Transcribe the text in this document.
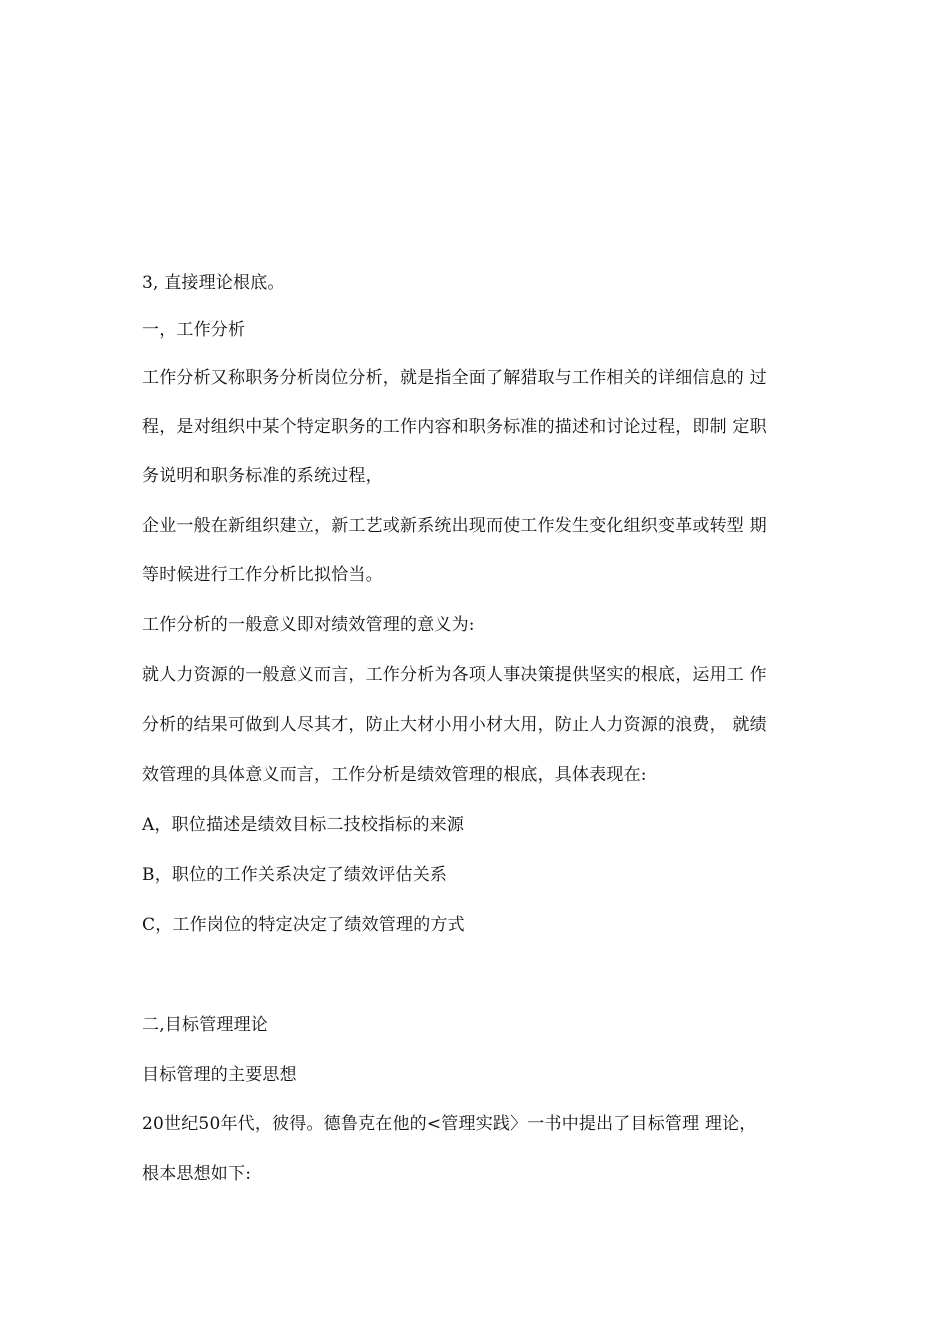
3, 直接理论根底。
一，工作分析
工作分析又称职务分析岗位分析，就是指全面了解猎取与工作相关的详细信息的 过
程，是对组织中某个特定职务的工作内容和职务标准的描述和讨论过程，即制 定职
务说明和职务标准的系统过程，
企业一般在新组织建立，新工艺或新系统出现而使工作发生变化组织变革或转型 期
等时候进行工作分析比拟恰当。
工作分析的一般意义即对绩效管理的意义为:
就人力资源的一般意义而言，工作分析为各项人事决策提供坚实的根底，运用工 作
分析的结果可做到人尽其才，防止大材小用小材大用，防止人力资源的浪费， 就绩
效管理的具体意义而言，工作分析是绩效管理的根底，具体表现在:
A，职位描述是绩效目标二技校指标的来源
B，职位的工作关系决定了绩效评估关系
C，工作岗位的特定决定了绩效管理的方式
二,目标管理理论
目标管理的主要思想
20世纪50年代，彼得。德鲁克在他的<管理实践〉一书中提出了目标管理 理论，
根本思想如下:
